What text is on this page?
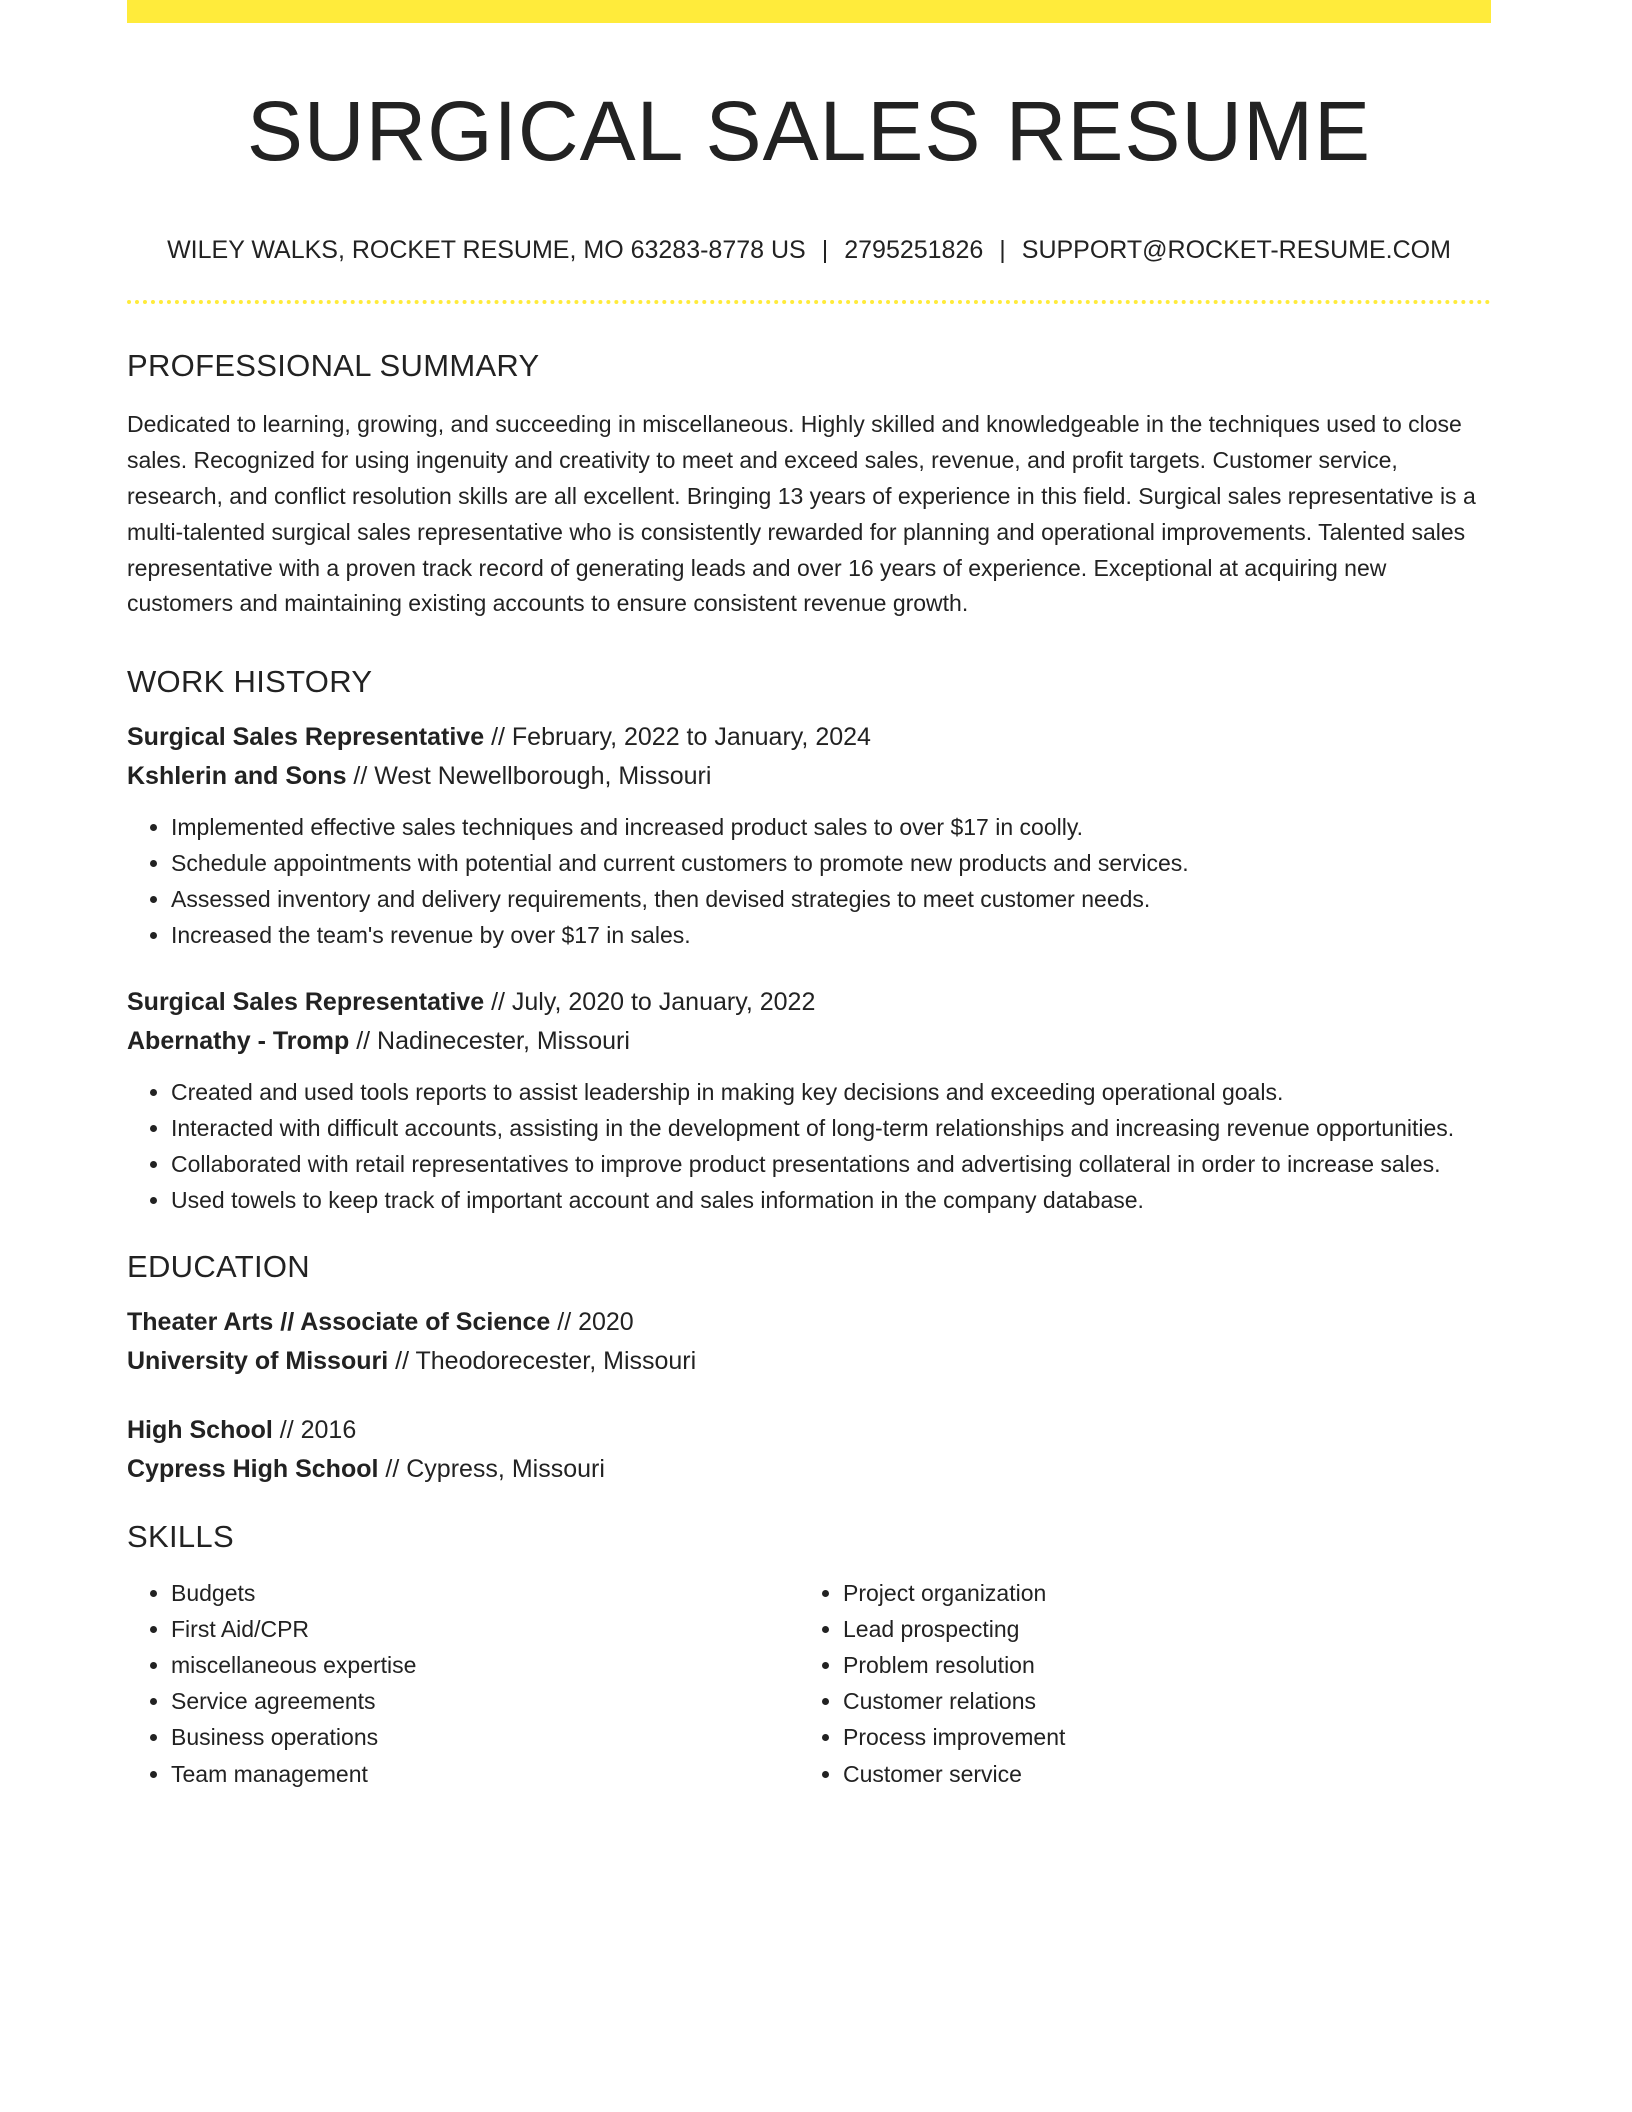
SURGICAL SALES RESUME
WILEY WALKS, ROCKET RESUME, MO 63283-8778 US | 2795251826 | SUPPORT@ROCKET-RESUME.COM
PROFESSIONAL SUMMARY
Dedicated to learning, growing, and succeeding in miscellaneous. Highly skilled and knowledgeable in the techniques used to close sales. Recognized for using ingenuity and creativity to meet and exceed sales, revenue, and profit targets. Customer service, research, and conflict resolution skills are all excellent. Bringing 13 years of experience in this field. Surgical sales representative is a multi-talented surgical sales representative who is consistently rewarded for planning and operational improvements. Talented sales representative with a proven track record of generating leads and over 16 years of experience. Exceptional at acquiring new customers and maintaining existing accounts to ensure consistent revenue growth.
WORK HISTORY
Surgical Sales Representative // February, 2022 to January, 2024
Kshlerin and Sons // West Newellborough, Missouri
• Implemented effective sales techniques and increased product sales to over $17 in coolly.
• Schedule appointments with potential and current customers to promote new products and services.
• Assessed inventory and delivery requirements, then devised strategies to meet customer needs.
• Increased the team's revenue by over $17 in sales.
Surgical Sales Representative // July, 2020 to January, 2022
Abernathy - Tromp // Nadinecester, Missouri
• Created and used tools reports to assist leadership in making key decisions and exceeding operational goals.
• Interacted with difficult accounts, assisting in the development of long-term relationships and increasing revenue opportunities.
• Collaborated with retail representatives to improve product presentations and advertising collateral in order to increase sales.
• Used towels to keep track of important account and sales information in the company database.
EDUCATION
Theater Arts // Associate of Science // 2020
University of Missouri // Theodorecester, Missouri
High School // 2016
Cypress High School // Cypress, Missouri
SKILLS
• Budgets
• First Aid/CPR
• miscellaneous expertise
• Service agreements
• Business operations
• Team management
• Project organization
• Lead prospecting
• Problem resolution
• Customer relations
• Process improvement
• Customer service
